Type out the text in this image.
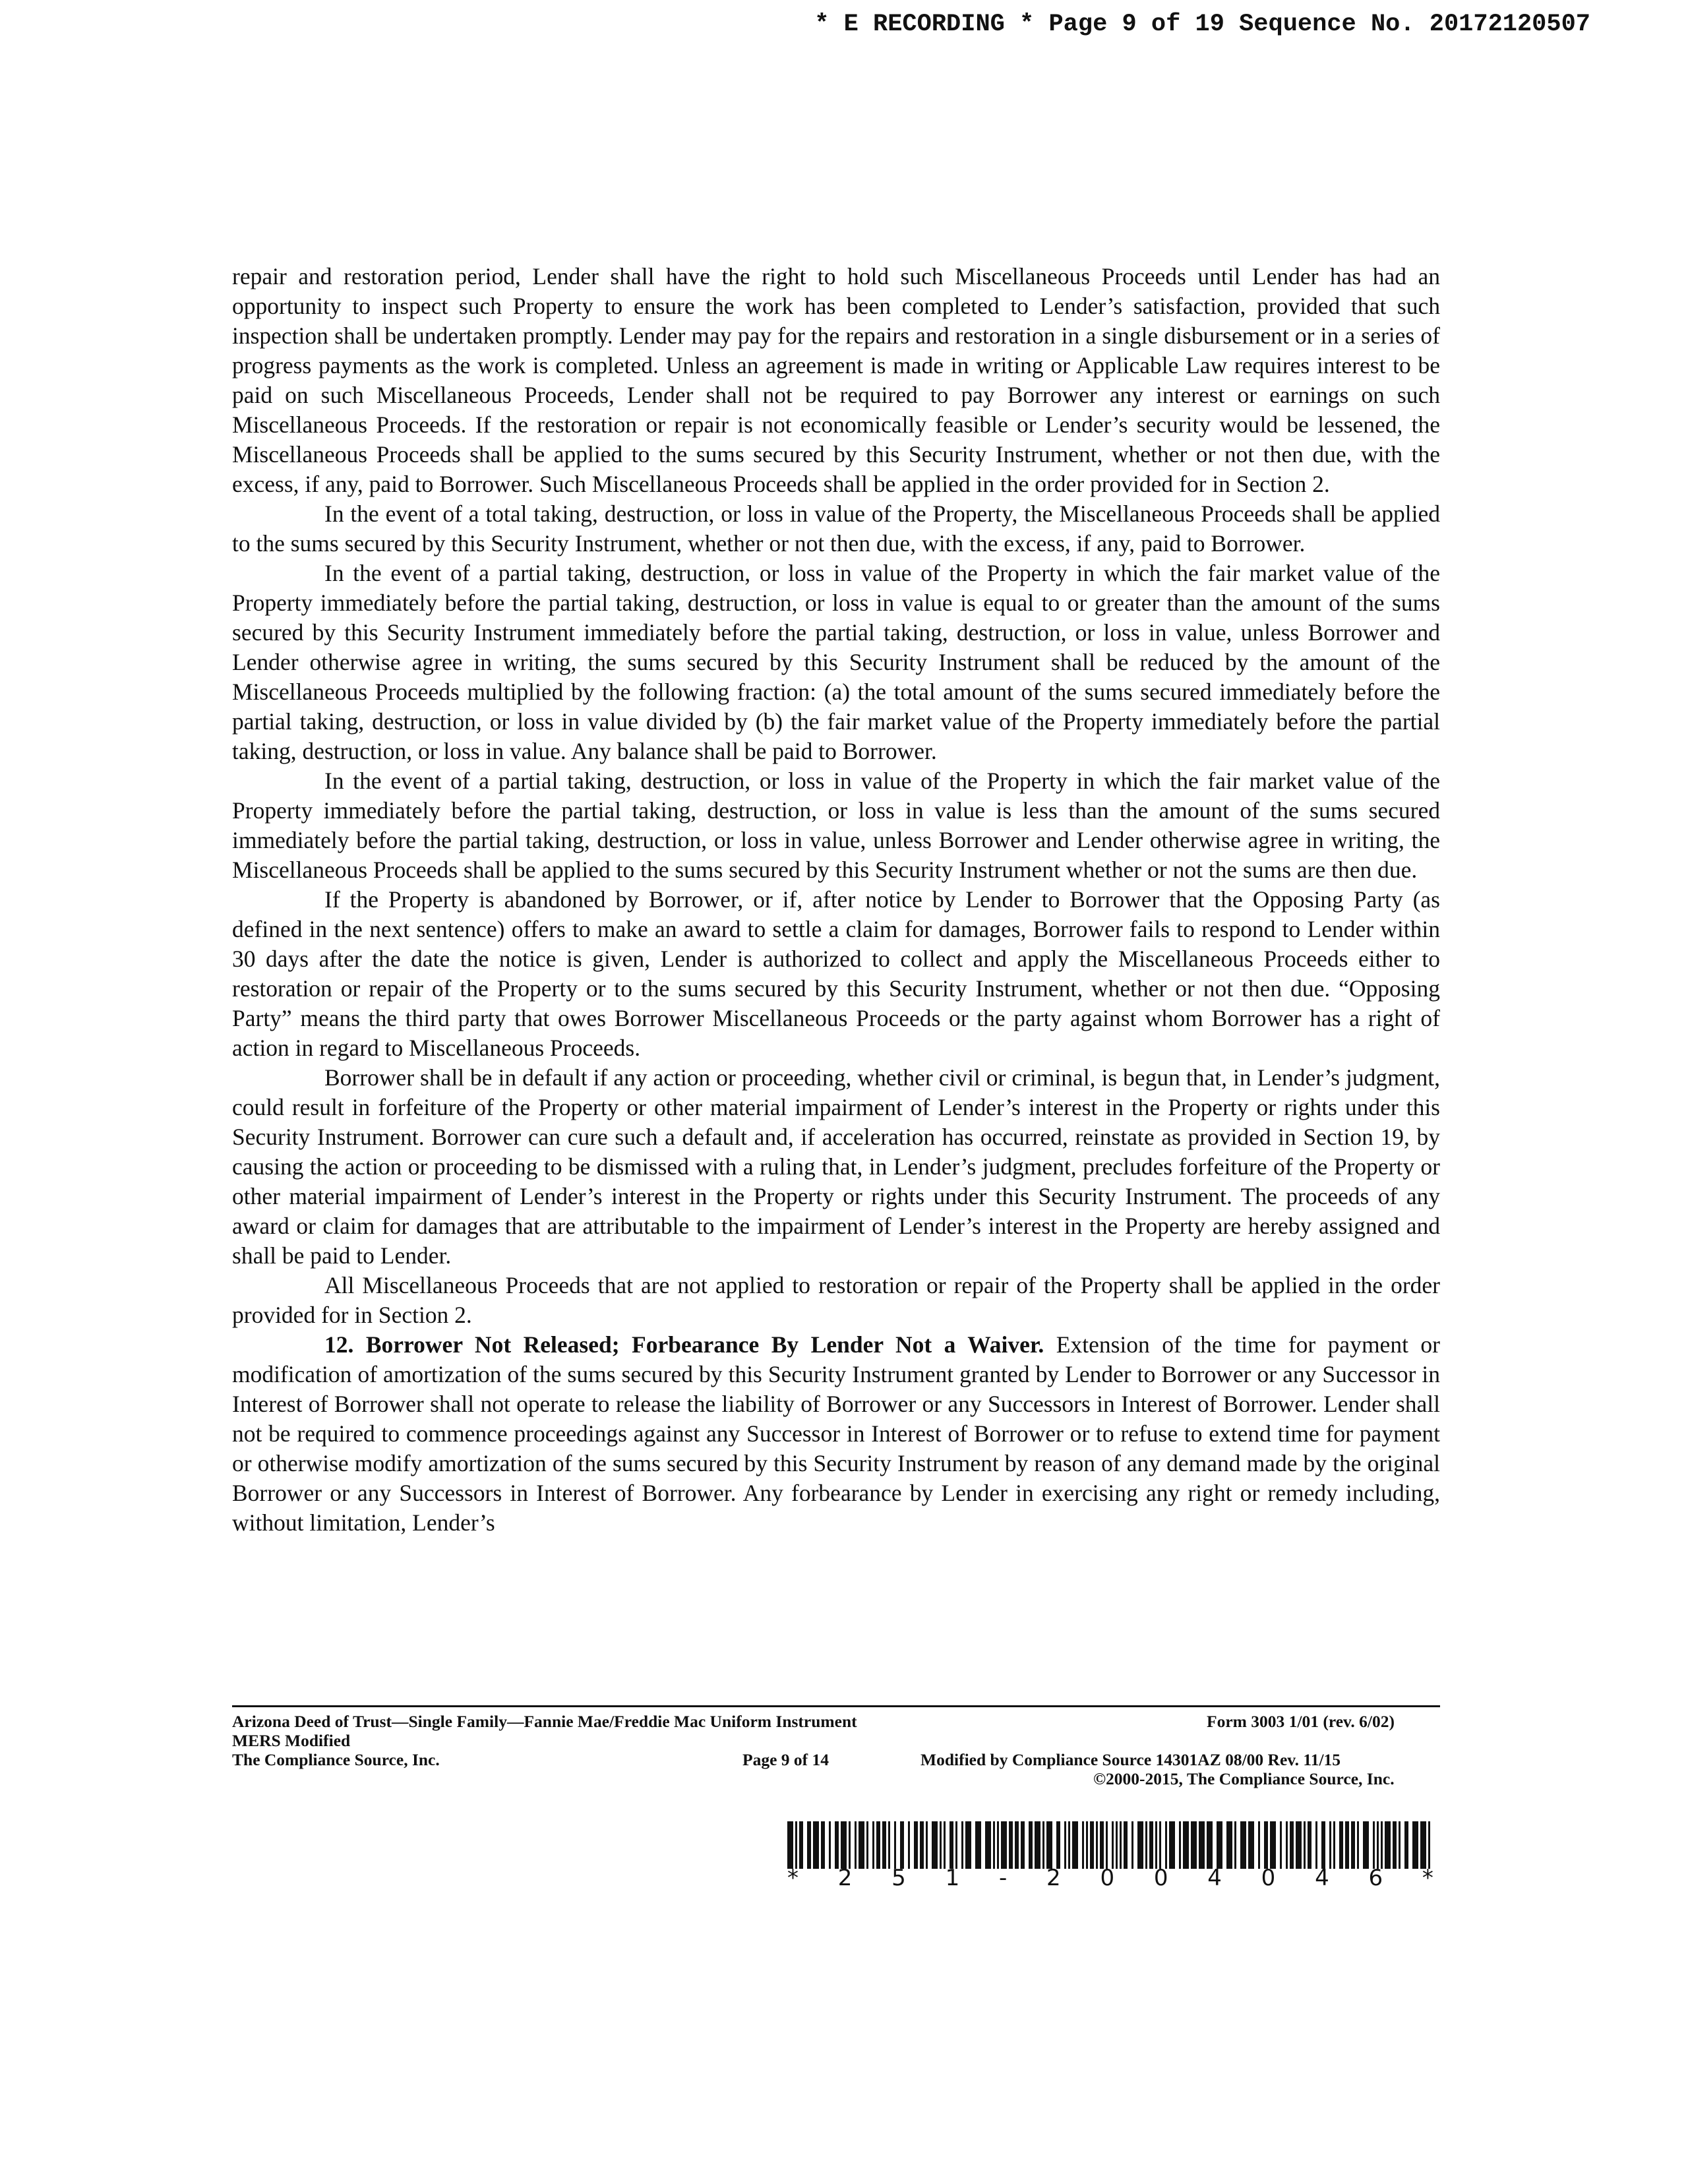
* E RECORDING * Page 9 of 19 Sequence No. 20172120507

repair and restoration period, Lender shall have the right to hold such Miscellaneous Proceeds until Lender has had an opportunity to inspect such Property to ensure the work has been completed to Lender’s satisfaction, provided that such inspection shall be undertaken promptly. Lender may pay for the repairs and restoration in a single disbursement or in a series of progress payments as the work is completed. Unless an agreement is made in writing or Applicable Law requires interest to be paid on such Miscellaneous Proceeds, Lender shall not be required to pay Borrower any interest or earnings on such Miscellaneous Proceeds. If the restoration or repair is not economically feasible or Lender’s security would be lessened, the Miscellaneous Proceeds shall be applied to the sums secured by this Security Instrument, whether or not then due, with the excess, if any, paid to Borrower. Such Miscellaneous Proceeds shall be applied in the order provided for in Section 2.

In the event of a total taking, destruction, or loss in value of the Property, the Miscellaneous Proceeds shall be applied to the sums secured by this Security Instrument, whether or not then due, with the excess, if any, paid to Borrower.

In the event of a partial taking, destruction, or loss in value of the Property in which the fair market value of the Property immediately before the partial taking, destruction, or loss in value is equal to or greater than the amount of the sums secured by this Security Instrument immediately before the partial taking, destruction, or loss in value, unless Borrower and Lender otherwise agree in writing, the sums secured by this Security Instrument shall be reduced by the amount of the Miscellaneous Proceeds multiplied by the following fraction: (a) the total amount of the sums secured immediately before the partial taking, destruction, or loss in value divided by (b) the fair market value of the Property immediately before the partial taking, destruction, or loss in value. Any balance shall be paid to Borrower.

In the event of a partial taking, destruction, or loss in value of the Property in which the fair market value of the Property immediately before the partial taking, destruction, or loss in value is less than the amount of the sums secured immediately before the partial taking, destruction, or loss in value, unless Borrower and Lender otherwise agree in writing, the Miscellaneous Proceeds shall be applied to the sums secured by this Security Instrument whether or not the sums are then due.

If the Property is abandoned by Borrower, or if, after notice by Lender to Borrower that the Opposing Party (as defined in the next sentence) offers to make an award to settle a claim for damages, Borrower fails to respond to Lender within 30 days after the date the notice is given, Lender is authorized to collect and apply the Miscellaneous Proceeds either to restoration or repair of the Property or to the sums secured by this Security Instrument, whether or not then due. “Opposing Party” means the third party that owes Borrower Miscellaneous Proceeds or the party against whom Borrower has a right of action in regard to Miscellaneous Proceeds.

Borrower shall be in default if any action or proceeding, whether civil or criminal, is begun that, in Lender’s judgment, could result in forfeiture of the Property or other material impairment of Lender’s interest in the Property or rights under this Security Instrument. Borrower can cure such a default and, if acceleration has occurred, reinstate as provided in Section 19, by causing the action or proceeding to be dismissed with a ruling that, in Lender’s judgment, precludes forfeiture of the Property or other material impairment of Lender’s interest in the Property or rights under this Security Instrument. The proceeds of any award or claim for damages that are attributable to the impairment of Lender’s interest in the Property are hereby assigned and shall be paid to Lender.

All Miscellaneous Proceeds that are not applied to restoration or repair of the Property shall be applied in the order provided for in Section 2.

12. Borrower Not Released; Forbearance By Lender Not a Waiver. Extension of the time for payment or modification of amortization of the sums secured by this Security Instrument granted by Lender to Borrower or any Successor in Interest of Borrower shall not operate to release the liability of Borrower or any Successors in Interest of Borrower. Lender shall not be required to commence proceedings against any Successor in Interest of Borrower or to refuse to extend time for payment or otherwise modify amortization of the sums secured by this Security Instrument by reason of any demand made by the original Borrower or any Successors in Interest of Borrower. Any forbearance by Lender in exercising any right or remedy including, without limitation, Lender’s

Arizona Deed of Trust—Single Family—Fannie Mae/Freddie Mac Uniform Instrument	Form 3003 1/01 (rev. 6/02)
MERS Modified
The Compliance Source, Inc.	Page 9 of 14	Modified by Compliance Source 14301AZ 08/00 Rev. 11/15
©2000-2015, The Compliance Source, Inc.
* 2 5 1 - 2 0 0 4 0 4 6 *
